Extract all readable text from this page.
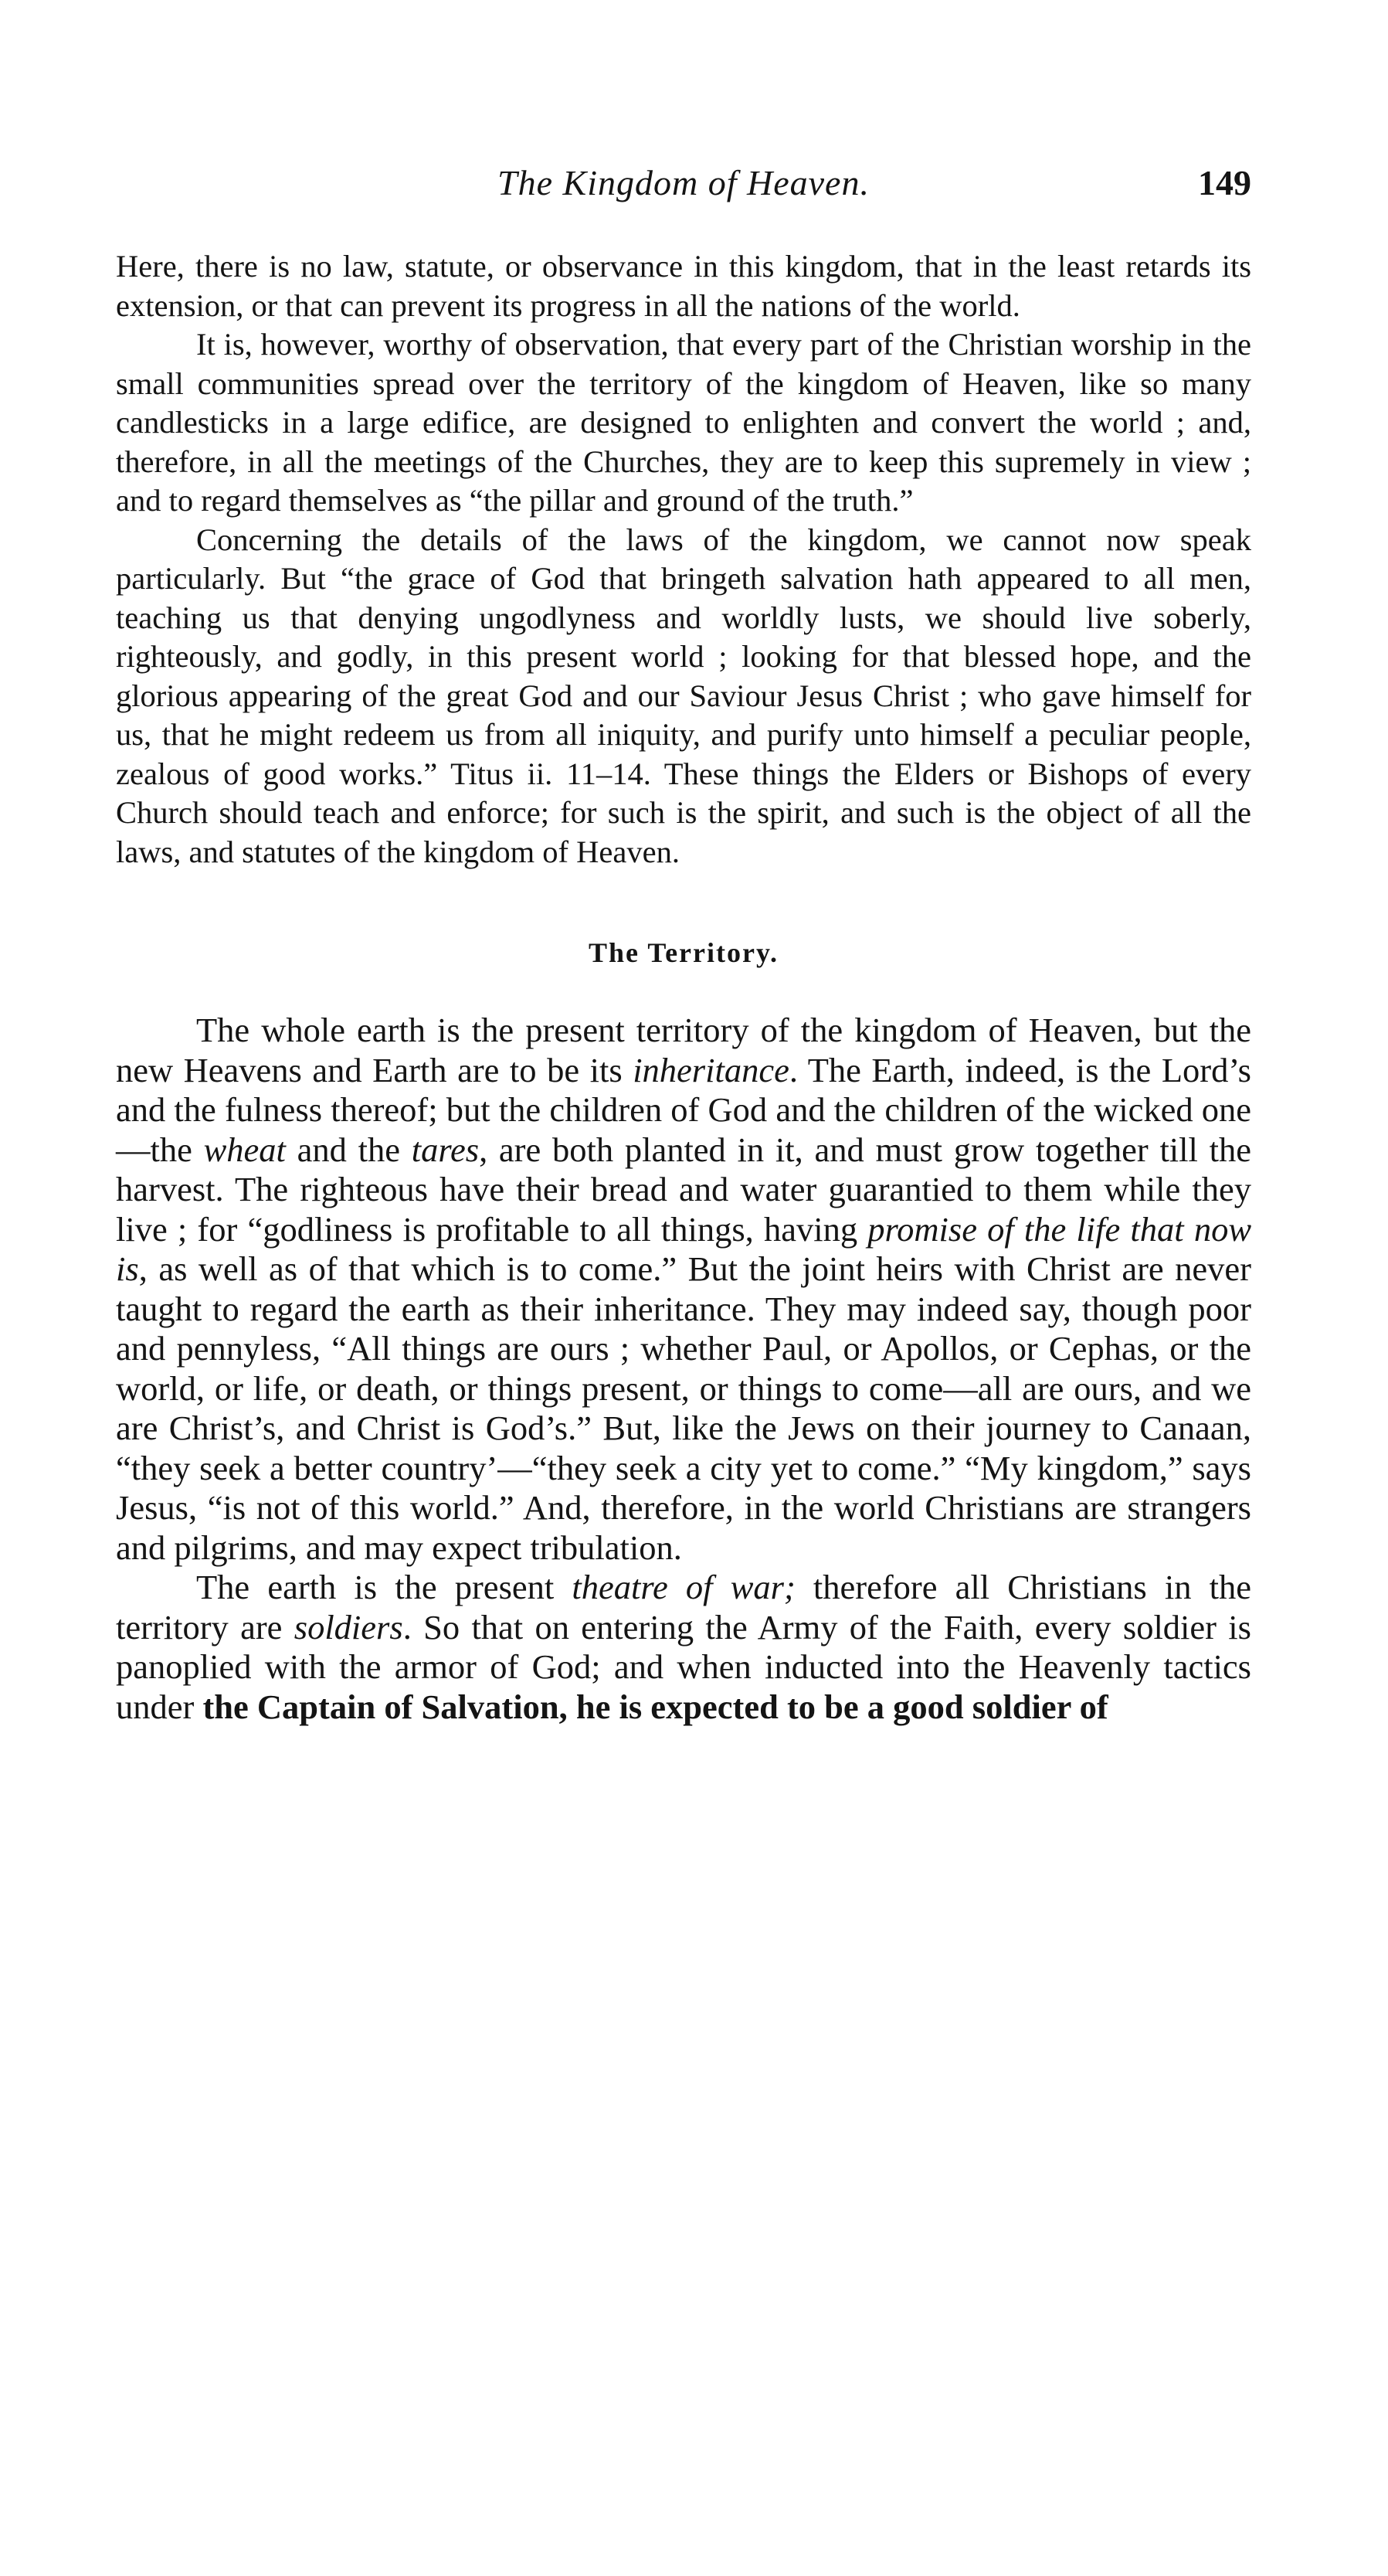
The Kingdom of Heaven.	149

Here, there is no law, statute, or observance in this kingdom, that in the least retards its extension, or that can prevent its progress in all the nations of the world.

It is, however, worthy of observation, that every part of the Christian worship in the small communities spread over the territory of the kingdom of Heaven, like so many candlesticks in a large edifice, are designed to enlighten and convert the world ; and, therefore, in all the meetings of the Churches, they are to keep this supremely in view ; and to regard themselves as “the pillar and ground of the truth.”

Concerning the details of the laws of the kingdom, we cannot now speak particularly. But “the grace of God that bringeth salvation hath appeared to all men, teaching us that denying ungodlyness and worldly lusts, we should live soberly, righteously, and godly, in this present world ; looking for that blessed hope, and the glorious appearing of the great God and our Saviour Jesus Christ ; who gave himself for us, that he might redeem us from all iniquity, and purify unto himself a peculiar people, zealous of good works.” Titus ii. 11–14. These things the Elders or Bishops of every Church should teach and enforce; for such is the spirit, and such is the object of all the laws, and statutes of the kingdom of Heaven.

The Territory.

The whole earth is the present territory of the kingdom of Heaven, but the new Heavens and Earth are to be its inheritance. The Earth, indeed, is the Lord’s and the fulness thereof; but the children of God and the children of the wicked one—the wheat and the tares, are both planted in it, and must grow together till the harvest. The righteous have their bread and water guarantied to them while they live ; for “godliness is profitable to all things, having promise of the life that now is, as well as of that which is to come.” But the joint heirs with Christ are never taught to regard the earth as their inheritance. They may indeed say, though poor and pennyless, “All things are ours ; whether Paul, or Apollos, or Cephas, or the world, or life, or death, or things present, or things to come—all are ours, and we are Christ’s, and Christ is God’s.” But, like the Jews on their journey to Canaan, “they seek a better country’—“they seek a city yet to come.” “My kingdom,” says Jesus, “is not of this world.” And, therefore, in the world Christians are strangers and pilgrims, and may expect tribulation.

The earth is the present theatre of war; therefore all Christians in the territory are soldiers. So that on entering the Army of the Faith, every soldier is panoplied with the armor of God; and when inducted into the Heavenly tactics under the Captain of Salvation, he is expected to be a good soldier of
